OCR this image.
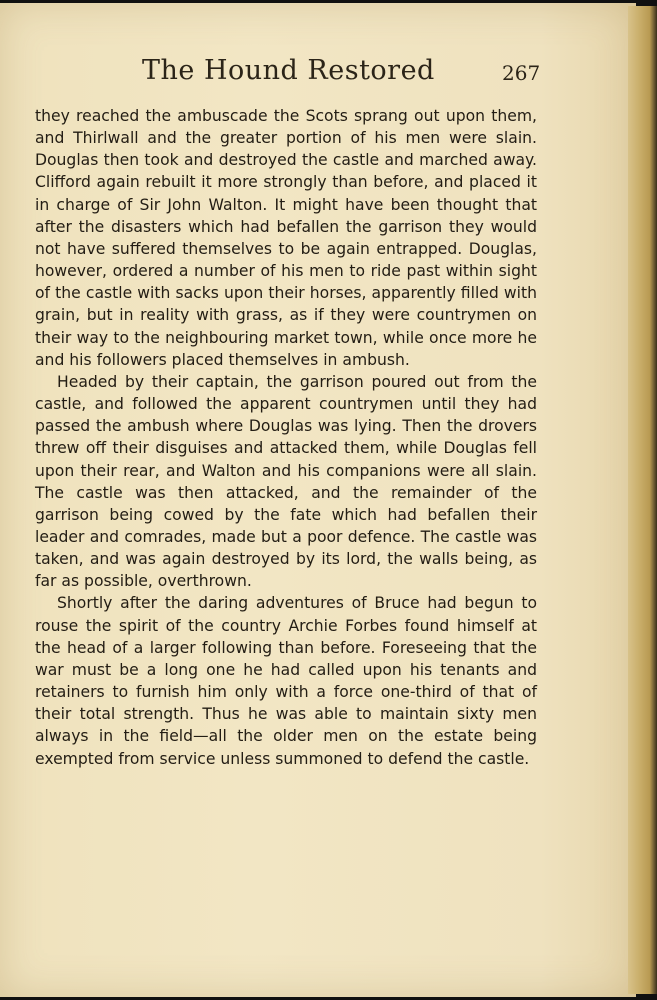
The Hound Restored	267

they reached the ambuscade the Scots sprang out upon them, and Thirlwall and the greater portion of his men were slain. Douglas then took and destroyed the castle and marched away. Clifford again rebuilt it more strongly than before, and placed it in charge of Sir John Walton. It might have been thought that after the disasters which had befallen the garrison they would not have suffered themselves to be again entrapped. Douglas, however, ordered a number of his men to ride past within sight of the castle with sacks upon their horses, apparently filled with grain, but in reality with grass, as if they were countrymen on their way to the neighbouring market town, while once more he and his followers placed themselves in ambush.

Headed by their captain, the garrison poured out from the castle, and followed the apparent countrymen until they had passed the ambush where Douglas was lying. Then the drovers threw off their disguises and attacked them, while Douglas fell upon their rear, and Walton and his companions were all slain. The castle was then attacked, and the remainder of the garrison being cowed by the fate which had befallen their leader and comrades, made but a poor defence. The castle was taken, and was again destroyed by its lord, the walls being, as far as possible, overthrown.

Shortly after the daring adventures of Bruce had begun to rouse the spirit of the country Archie Forbes found himself at the head of a larger following than before. Foreseeing that the war must be a long one he had called upon his tenants and retainers to furnish him only with a force one-third of that of their total strength. Thus he was able to maintain sixty men always in the field—all the older men on the estate being exempted from service unless summoned to defend the castle.
